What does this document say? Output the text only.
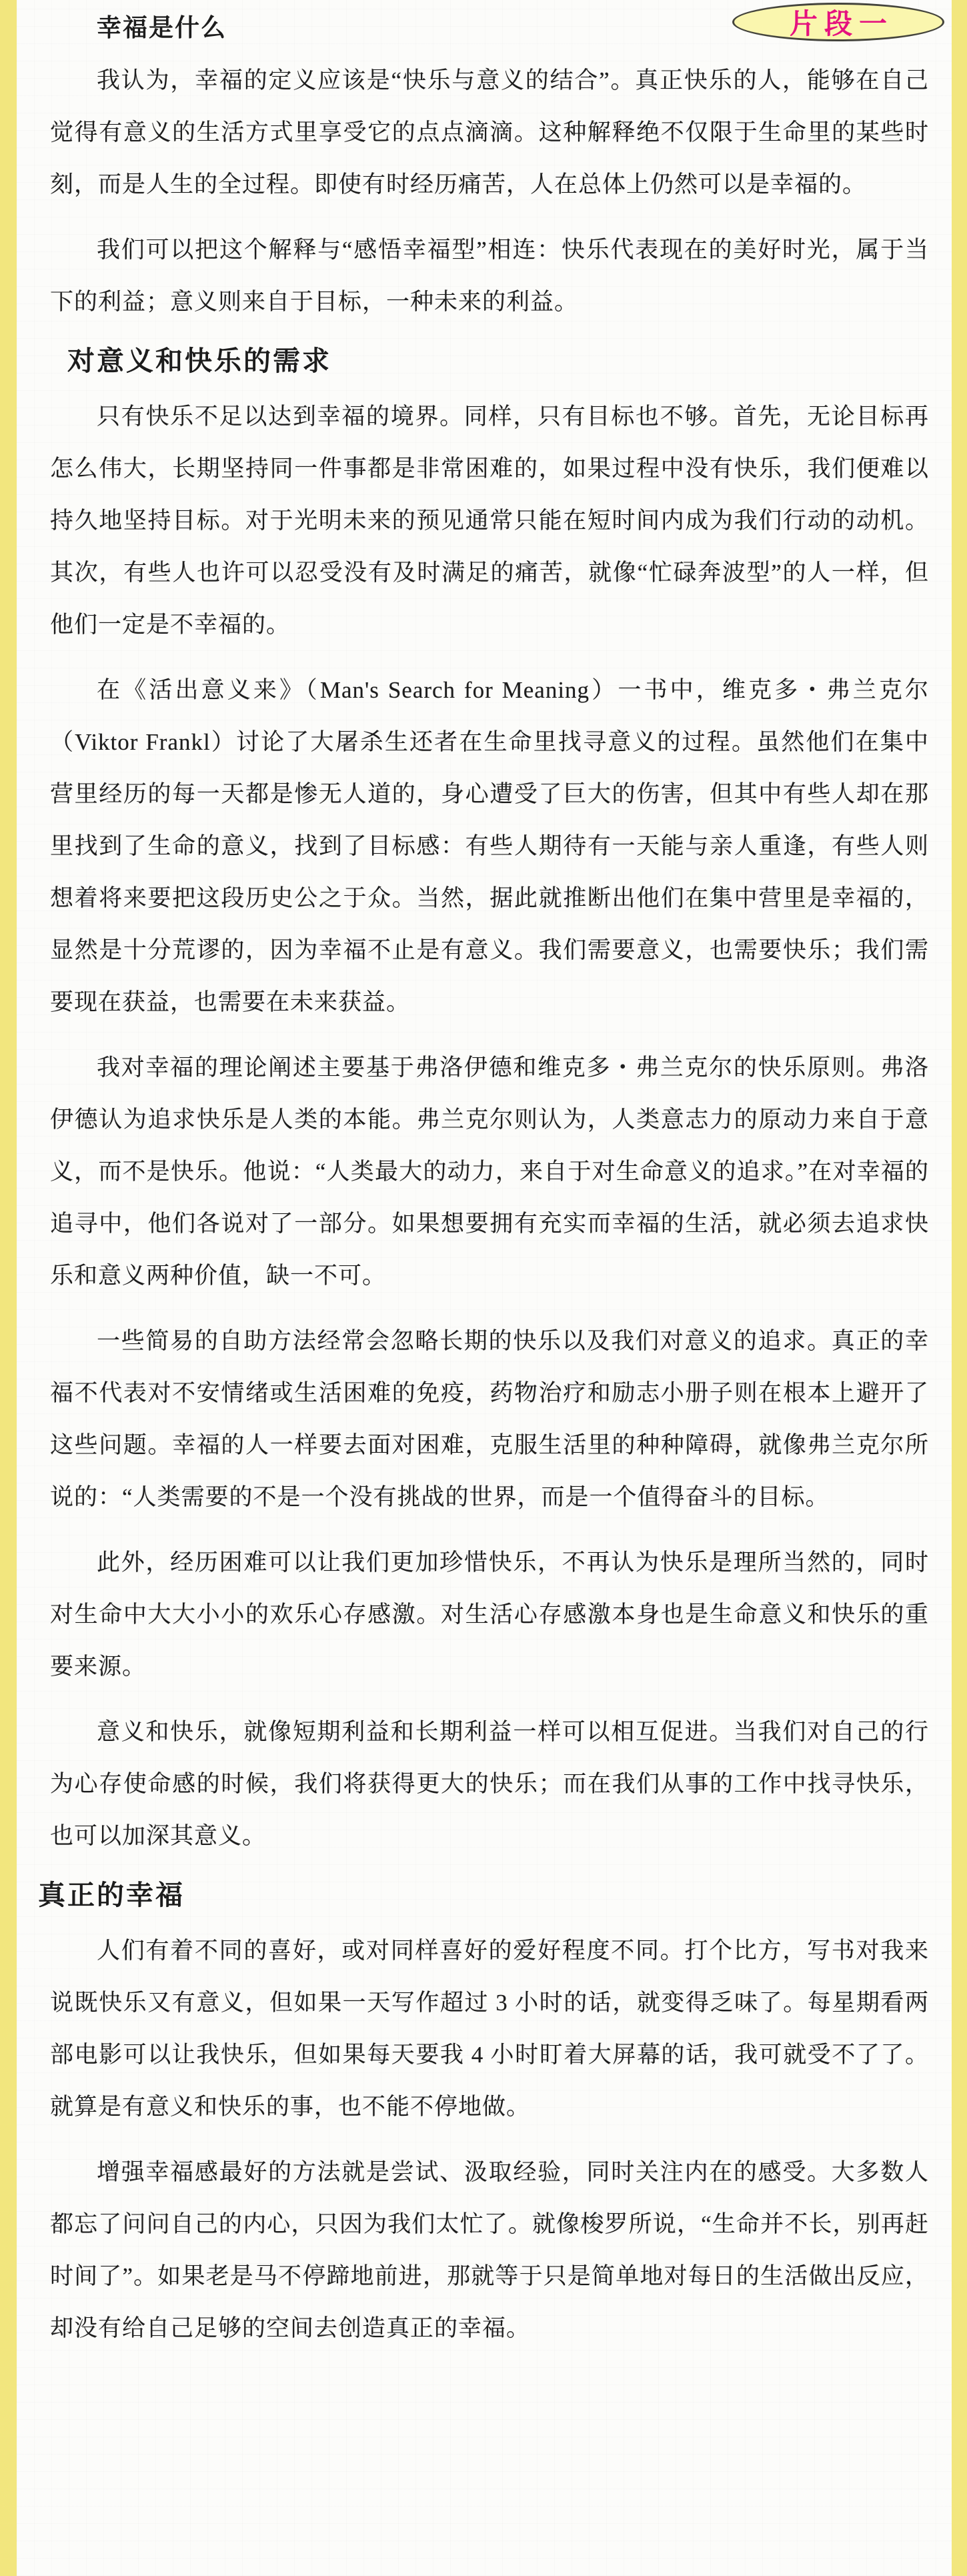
幸福是什么

我认为，幸福的定义应该是“快乐与意义的结合”。真正快乐的人，能够在自己觉得有意义的生活方式里享受它的点点滴滴。这种解释绝不仅限于生命里的某些时刻，而是人生的全过程。即使有时经历痛苦，人在总体上仍然可以是幸福的。

我们可以把这个解释与“感悟幸福型”相连：快乐代表现在的美好时光，属于当下的利益；意义则来自于目标，一种未来的利益。

对意义和快乐的需求

只有快乐不足以达到幸福的境界。同样，只有目标也不够。首先，无论目标再怎么伟大，长期坚持同一件事都是非常困难的，如果过程中没有快乐，我们便难以持久地坚持目标。对于光明未来的预见通常只能在短时间内成为我们行动的动机。其次，有些人也许可以忍受没有及时满足的痛苦，就像“忙碌奔波型”的人一样，但他们一定是不幸福的。

在《活出意义来》（Man's Search for Meaning）一书中，维克多・弗兰克尔（Viktor Frankl）讨论了大屠杀生还者在生命里找寻意义的过程。虽然他们在集中营里经历的每一天都是惨无人道的，身心遭受了巨大的伤害，但其中有些人却在那里找到了生命的意义，找到了目标感：有些人期待有一天能与亲人重逢，有些人则想着将来要把这段历史公之于众。当然，据此就推断出他们在集中营里是幸福的，显然是十分荒谬的，因为幸福不止是有意义。我们需要意义，也需要快乐；我们需要现在获益，也需要在未来获益。

我对幸福的理论阐述主要基于弗洛伊德和维克多・弗兰克尔的快乐原则。弗洛伊德认为追求快乐是人类的本能。弗兰克尔则认为，人类意志力的原动力来自于意义，而不是快乐。他说：“人类最大的动力，来自于对生命意义的追求。”在对幸福的追寻中，他们各说对了一部分。如果想要拥有充实而幸福的生活，就必须去追求快乐和意义两种价值，缺一不可。

一些简易的自助方法经常会忽略长期的快乐以及我们对意义的追求。真正的幸福不代表对不安情绪或生活困难的免疫，药物治疗和励志小册子则在根本上避开了这些问题。幸福的人一样要去面对困难，克服生活里的种种障碍，就像弗兰克尔所说的：“人类需要的不是一个没有挑战的世界，而是一个值得奋斗的目标。

此外，经历困难可以让我们更加珍惜快乐，不再认为快乐是理所当然的，同时对生命中大大小小的欢乐心存感激。对生活心存感激本身也是生命意义和快乐的重要来源。

意义和快乐，就像短期利益和长期利益一样可以相互促进。当我们对自己的行为心存使命感的时候，我们将获得更大的快乐；而在我们从事的工作中找寻快乐，也可以加深其意义。

真正的幸福

人们有着不同的喜好，或对同样喜好的爱好程度不同。打个比方，写书对我来说既快乐又有意义，但如果一天写作超过 3 小时的话，就变得乏味了。每星期看两部电影可以让我快乐，但如果每天要我 4 小时盯着大屏幕的话，我可就受不了了。就算是有意义和快乐的事，也不能不停地做。

增强幸福感最好的方法就是尝试、汲取经验，同时关注内在的感受。大多数人都忘了问问自己的内心，只因为我们太忙了。就像梭罗所说，“生命并不长，别再赶时间了”。如果老是马不停蹄地前进，那就等于只是简单地对每日的生活做出反应，却没有给自己足够的空间去创造真正的幸福。

片段一
